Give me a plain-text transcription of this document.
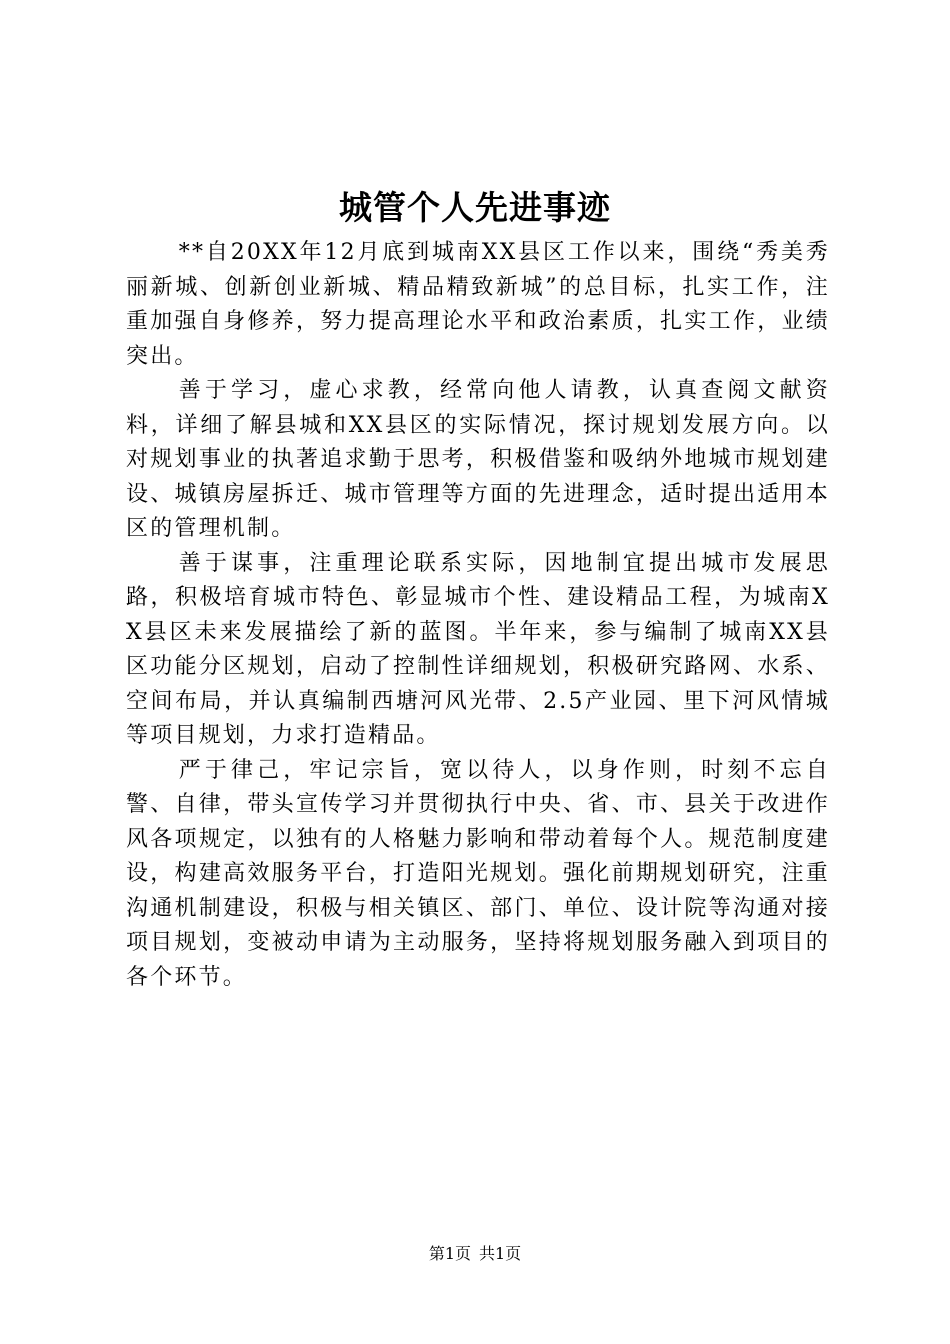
城管个人先进事迹

**自20XX年12月底到城南XX县区工作以来，围绕“秀美秀丽新城、创新创业新城、精品精致新城”的总目标，扎实工作，注重加强自身修养，努力提高理论水平和政治素质，扎实工作，业绩突出。

善于学习，虚心求教，经常向他人请教，认真查阅文献资料，详细了解县城和XX县区的实际情况，探讨规划发展方向。以对规划事业的执著追求勤于思考，积极借鉴和吸纳外地城市规划建设、城镇房屋拆迁、城市管理等方面的先进理念，适时提出适用本区的管理机制。

善于谋事，注重理论联系实际，因地制宜提出城市发展思路，积极培育城市特色、彰显城市个性、建设精品工程，为城南XX县区未来发展描绘了新的蓝图。半年来，参与编制了城南XX县区功能分区规划，启动了控制性详细规划，积极研究路网、水系、空间布局，并认真编制西塘河风光带、2.5产业园、里下河风情城等项目规划，力求打造精品。

严于律己，牢记宗旨，宽以待人，以身作则，时刻不忘自警、自律，带头宣传学习并贯彻执行中央、省、市、县关于改进作风各项规定，以独有的人格魅力影响和带动着每个人。规范制度建设，构建高效服务平台，打造阳光规划。强化前期规划研究，注重沟通机制建设，积极与相关镇区、部门、单位、设计院等沟通对接项目规划，变被动申请为主动服务，坚持将规划服务融入到项目的各个环节。

第1页 共1页
